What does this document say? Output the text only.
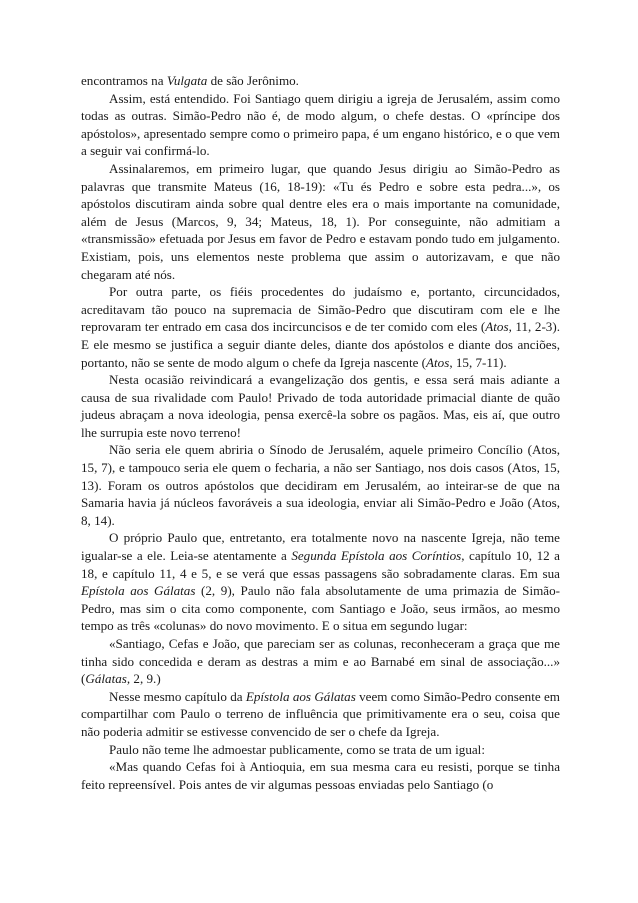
encontramos na Vulgata de são Jerônimo.

Assim, está entendido. Foi Santiago quem dirigiu a igreja de Jerusalém, assim como todas as outras. Simão-Pedro não é, de modo algum, o chefe destas. O «príncipe dos apóstolos», apresentado sempre como o primeiro papa, é um engano histórico, e o que vem a seguir vai confirmá-lo.

Assinalaremos, em primeiro lugar, que quando Jesus dirigiu ao Simão-Pedro as palavras que transmite Mateus (16, 18-19): «Tu és Pedro e sobre esta pedra...», os apóstolos discutiram ainda sobre qual dentre eles era o mais importante na comunidade, além de Jesus (Marcos, 9, 34; Mateus, 18, 1). Por conseguinte, não admitiam a «transmissão» efetuada por Jesus em favor de Pedro e estavam pondo tudo em julgamento. Existiam, pois, uns elementos neste problema que assim o autorizavam, e que não chegaram até nós.

Por outra parte, os fiéis procedentes do judaísmo e, portanto, circuncidados, acreditavam tão pouco na supremacia de Simão-Pedro que discutiram com ele e lhe reprovaram ter entrado em casa dos incircuncisos e de ter comido com eles (Atos, 11, 2-3). E ele mesmo se justifica a seguir diante deles, diante dos apóstolos e diante dos anciões, portanto, não se sente de modo algum o chefe da Igreja nascente (Atos, 15, 7-11).

Nesta ocasião reivindicará a evangelização dos gentis, e essa será mais adiante a causa de sua rivalidade com Paulo! Privado de toda autoridade primacial diante de quão judeus abraçam a nova ideologia, pensa exercê-la sobre os pagãos. Mas, eis aí, que outro lhe surrupia este novo terreno!

Não seria ele quem abriria o Sínodo de Jerusalém, aquele primeiro Concílio (Atos, 15, 7), e tampouco seria ele quem o fecharia, a não ser Santiago, nos dois casos (Atos, 15, 13). Foram os outros apóstolos que decidiram em Jerusalém, ao inteirar-se de que na Samaria havia já núcleos favoráveis a sua ideologia, enviar ali Simão-Pedro e João (Atos, 8, 14).

O próprio Paulo que, entretanto, era totalmente novo na nascente Igreja, não teme igualar-se a ele. Leia-se atentamente a Segunda Epístola aos Coríntios, capítulo 10, 12 a 18, e capítulo 11, 4 e 5, e se verá que essas passagens são sobradamente claras. Em sua Epístola aos Gálatas (2, 9), Paulo não fala absolutamente de uma primazia de Simão-Pedro, mas sim o cita como componente, com Santiago e João, seus irmãos, ao mesmo tempo as três «colunas» do novo movimento. E o situa em segundo lugar:

«Santiago, Cefas e João, que pareciam ser as colunas, reconheceram a graça que me tinha sido concedida e deram as destras a mim e ao Barnabé em sinal de associação...» (Gálatas, 2, 9.)

Nesse mesmo capítulo da Epístola aos Gálatas veem como Simão-Pedro consente em compartilhar com Paulo o terreno de influência que primitivamente era o seu, coisa que não poderia admitir se estivesse convencido de ser o chefe da Igreja.

Paulo não teme lhe admoestar publicamente, como se trata de um igual:

«Mas quando Cefas foi à Antioquia, em sua mesma cara eu resisti, porque se tinha feito repreensível. Pois antes de vir algumas pessoas enviadas pelo Santiago (o
